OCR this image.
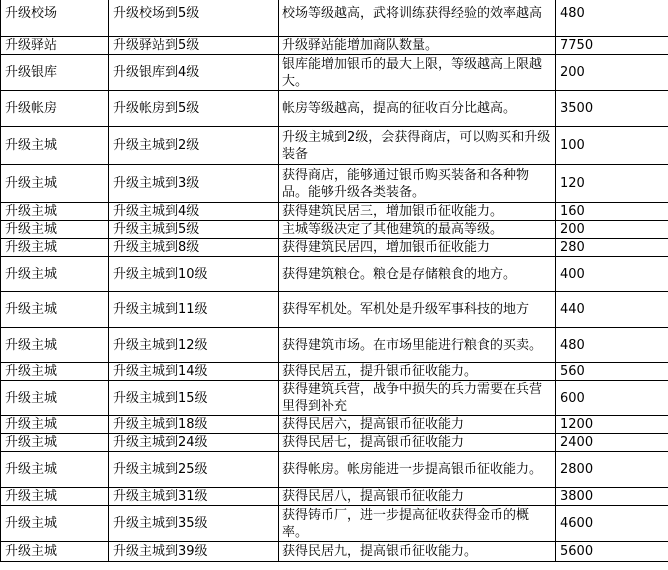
升级校场	升级校场到5级	校场等级越高，武将训练获得经验的效率越高	480
升级驿站	升级驿站到5级	升级驿站能增加商队数量。	7750
升级银库	升级银库到4级	银库能增加银币的最大上限，等级越高上限越大。	200
升级帐房	升级帐房到5级	帐房等级越高，提高的征收百分比越高。	3500
升级主城	升级主城到2级	升级主城到2级，会获得商店，可以购买和升级装备	100
升级主城	升级主城到3级	获得商店，能够通过银币购买装备和各种物品。能够升级各类装备。	120
升级主城	升级主城到4级	获得建筑民居三，增加银币征收能力。	160
升级主城	升级主城到5级	主城等级决定了其他建筑的最高等级。	200
升级主城	升级主城到8级	获得建筑民居四，增加银币征收能力	280
升级主城	升级主城到10级	获得建筑粮仓。粮仓是存储粮食的地方。	400
升级主城	升级主城到11级	获得军机处。军机处是升级军事科技的地方	440
升级主城	升级主城到12级	获得建筑市场。在市场里能进行粮食的买卖。	480
升级主城	升级主城到14级	获得民居五，提升银币征收能力。	560
升级主城	升级主城到15级	获得建筑兵营，战争中损失的兵力需要在兵营里得到补充	600
升级主城	升级主城到18级	获得民居六，提高银币征收能力	1200
升级主城	升级主城到24级	获得民居七，提高银币征收能力	2400
升级主城	升级主城到25级	获得帐房。帐房能进一步提高银币征收能力。	2800
升级主城	升级主城到31级	获得民居八，提高银币征收能力	3800
升级主城	升级主城到35级	获得铸币厂，进一步提高征收获得金币的概率。	4600
升级主城	升级主城到39级	获得民居九，提高银币征收能力。	5600
